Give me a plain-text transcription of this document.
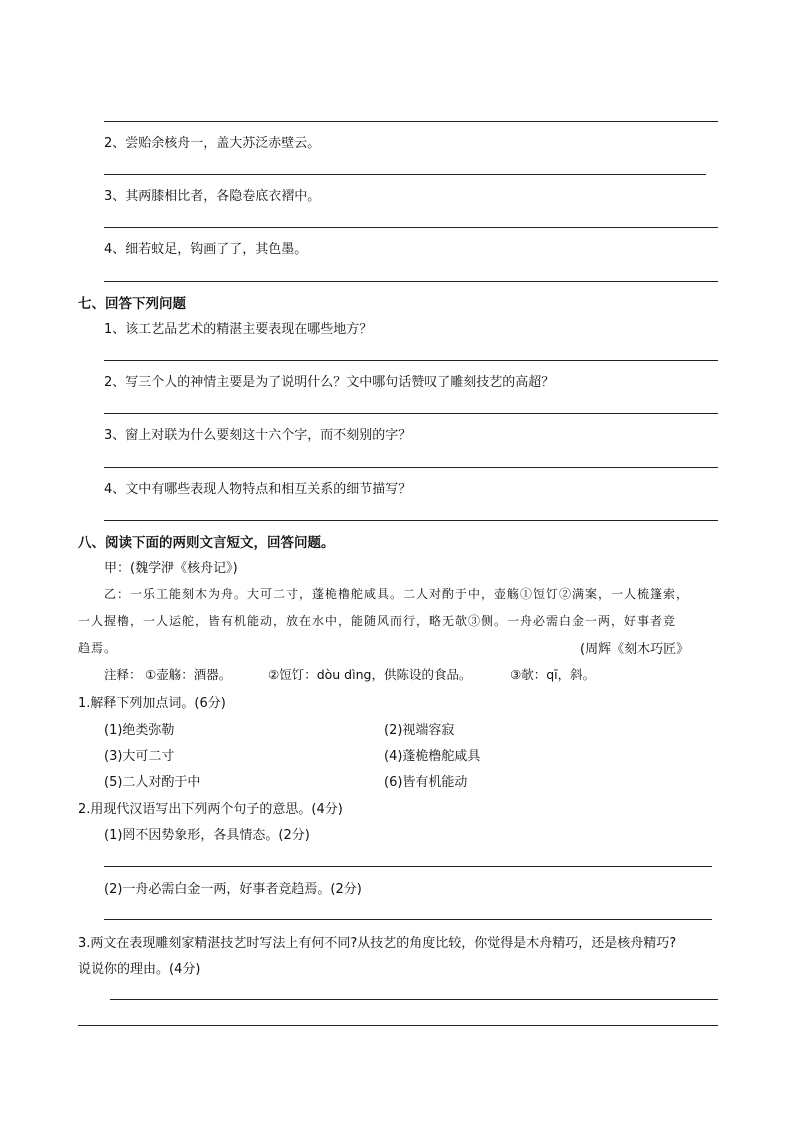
2、尝贻余核舟一，盖大苏泛赤壁云。
3、其两膝相比者，各隐卷底衣褶中。
4、细若蚊足，钩画了了，其色墨。
七、回答下列问题
1、该工艺品艺术的精湛主要表现在哪些地方？
2、写三个人的神情主要是为了说明什么？文中哪句话赞叹了雕刻技艺的高超？
3、窗上对联为什么要刻这十六个字，而不刻别的字？
4、文中有哪些表现人物特点和相互关系的细节描写？
八、阅读下面的两则文言短文，回答问题。
甲：(魏学洢《核舟记》)
乙：一乐工能刻木为舟。大可二寸，蓬桅橹舵咸具。二人对酌于中，壶觞①饾饤②满案，一人梳篷索，
一人握橹，一人运舵，皆有机能动，放在水中，能随风而行，略无欹③侧。一舟必需白金一两，好事者竞
趋焉。	(周辉《刻木巧匠》
注释： ①壶觞：酒器。	②饾饤：dòu dìng，供陈设的食品。	③欹：qī，斜。
1.解释下列加点词。(6分)
(1)绝类弥勒	(2)视端容寂
(3)大可二寸	(4)蓬桅橹舵咸具
(5)二人对酌于中	(6)皆有机能动
2.用现代汉语写出下列两个句子的意思。(4分)
(1)罔不因势象形，各具情态。(2分)
(2)一舟必需白金一两，好事者竞趋焉。(2分)
3.两文在表现雕刻家精湛技艺时写法上有何不同?从技艺的角度比较，你觉得是木舟精巧，还是核舟精巧?
说说你的理由。(4分)
